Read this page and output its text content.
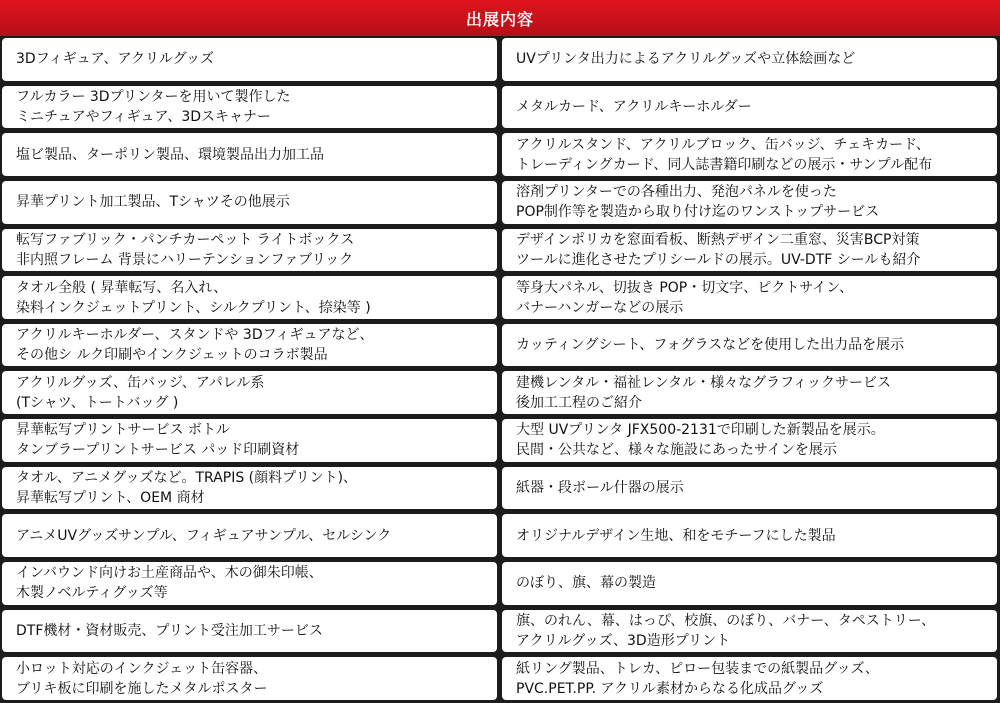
出展内容
3Dフィギュア、アクリルグッズ	UVプリンタ出力によるアクリルグッズや立体絵画など
フルカラー 3Dプリンターを用いて製作した
ミニチュアやフィギュア、3Dスキャナー
メタルカード、アクリルキーホルダー
塩ビ製品、ターポリン製品、環境製品出力加工品
アクリルスタンド、アクリルブロック、缶バッジ、チェキカード、
トレーディングカード、同人誌書籍印刷などの展示・サンプル配布
昇華プリント加工製品、Tシャツその他展示
溶剤プリンターでの各種出力、発泡パネルを使った
POP制作等を製造から取り付け迄のワンストップサービス
転写ファブリック・パンチカーペット ライトボックス
非内照フレーム 背景にハリーテンションファブリック
デザインポリカを窓面看板、断熱デザイン二重窓、災害BCP対策
ツールに進化させたプリシールドの展示。UV-DTF シールも紹介
タオル全般 ( 昇華転写、名入れ、
染料インクジェットプリント、シルクプリント、捺染等 )
等身大パネル、切抜き POP・切文字、ピクトサイン、
バナーハンガーなどの展示
アクリルキーホルダー、スタンドや 3Dフィギュアなど、
その他シ ルク印刷やインクジェットのコラボ製品
カッティングシート、フォグラスなどを使用した出力品を展示
アクリルグッズ、缶バッジ、アパレル系
(Tシャツ、トートバッグ )
建機レンタル・福祉レンタル・様々なグラフィックサービス
後加工工程のご紹介
昇華転写プリントサービス ボトル
タンブラープリントサービス パッド印刷資材
大型 UVプリンタ JFX500-2131で印刷した新製品を展示。
民間・公共など、様々な施設にあったサインを展示
タオル、アニメグッズなど。TRAPIS (顔料プリント)、
昇華転写プリント、OEM 商材
紙器・段ボール什器の展示
アニメUVグッズサンプル、フィギュアサンプル、セルシンク	オリジナルデザイン生地、和をモチーフにした製品
インバウンド向けお土産商品や、木の御朱印帳、
木製ノベルティグッズ等
のぼり、旗、幕の製造
DTF機材・資材販売、プリント受注加工サービス
旗、のれん、幕、はっぴ、校旗、のぼり、バナー、タペストリー、
アクリルグッズ、3D造形プリント
小ロット対応のインクジェット缶容器、
ブリキ板に印刷を施したメタルポスター
紙リング製品、トレカ、ピロー包装までの紙製品グッズ、
PVC.PET.PP. アクリル素材からなる化成品グッズ
